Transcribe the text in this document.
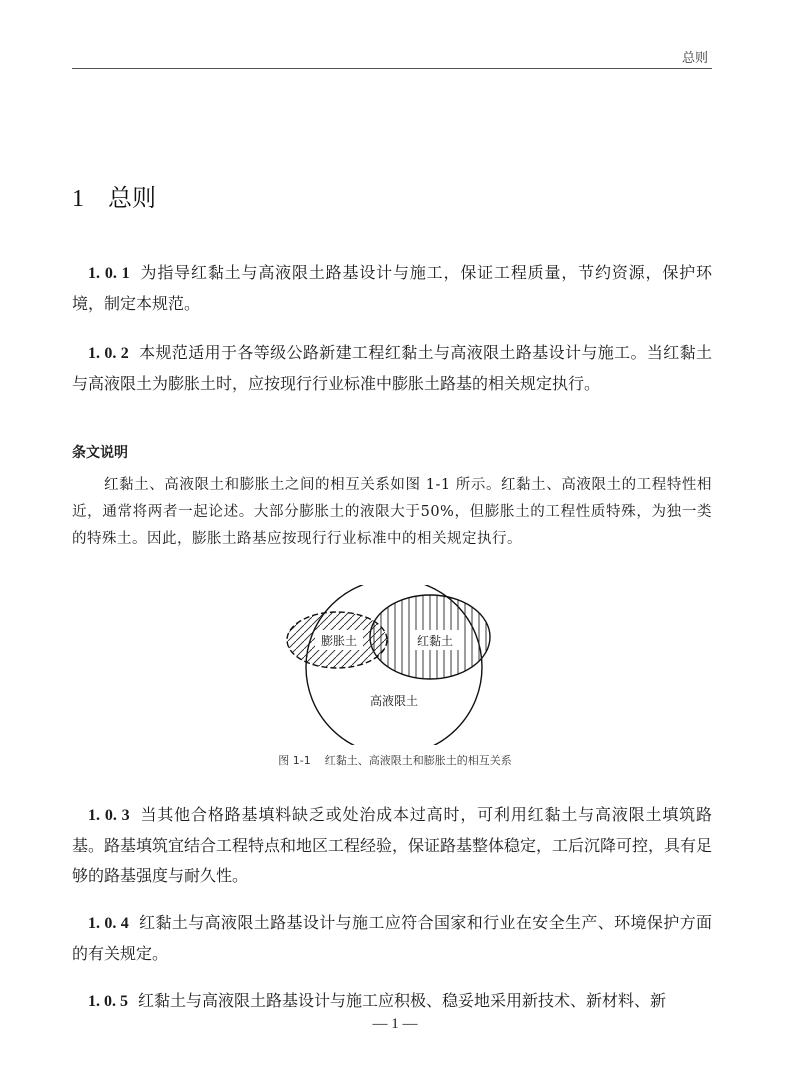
总则
1 总则

1. 0. 1 为指导红黏土与高液限土路基设计与施工，保证工程质量，节约资源，保护环境，制定本规范。

1. 0. 2 本规范适用于各等级公路新建工程红黏土与高液限土路基设计与施工。当红黏土与高液限土为膨胀土时，应按现行行业标准中膨胀土路基的相关规定执行。

条文说明

红黏土、高液限土和膨胀土之间的相互关系如图 1-1 所示。红黏土、高液限土的工程特性相近，通常将两者一起论述。大部分膨胀土的液限大于50%，但膨胀土的工程性质特殊，为独一类的特殊土。因此，膨胀土路基应按现行行业标准中的相关规定执行。

膨胀土	红黏土
高液限土
图 1-1 红黏土、高液限土和膨胀土的相互关系

1. 0. 3 当其他合格路基填料缺乏或处治成本过高时，可利用红黏土与高液限土填筑路基。路基填筑宜结合工程特点和地区工程经验，保证路基整体稳定，工后沉降可控，具有足够的路基强度与耐久性。

1. 0. 4 红黏土与高液限土路基设计与施工应符合国家和行业在安全生产、环境保护方面的有关规定。

1. 0. 5 红黏土与高液限土路基设计与施工应积极、稳妥地采用新技术、新材料、新

— 1 —
